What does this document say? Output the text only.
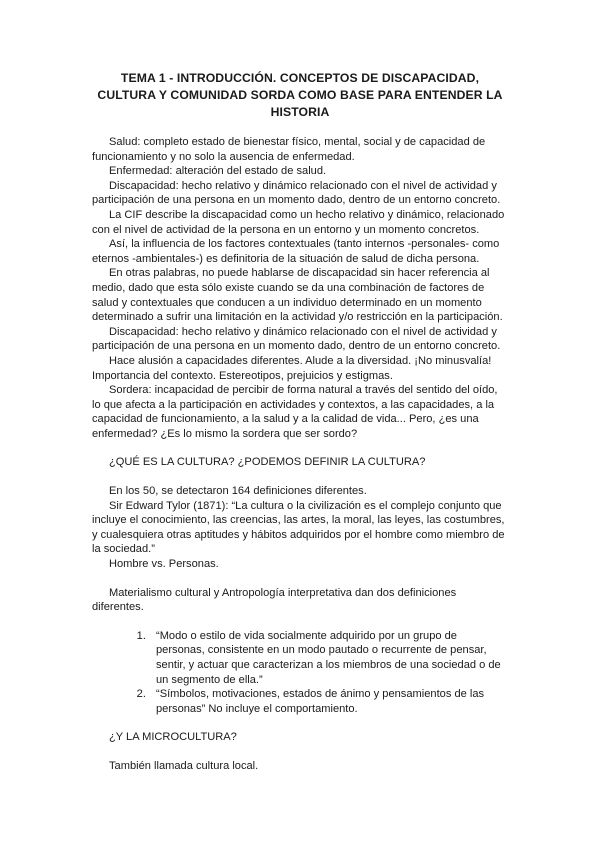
TEMA 1 - INTRODUCCIÓN. CONCEPTOS DE DISCAPACIDAD, CULTURA Y COMUNIDAD SORDA COMO BASE PARA ENTENDER LA HISTORIA

Salud: completo estado de bienestar físico, mental, social y de capacidad de funcionamiento y no solo la ausencia de enfermedad.

Enfermedad: alteración del estado de salud.

Discapacidad: hecho relativo y dinámico relacionado con el nivel de actividad y participación de una persona en un momento dado, dentro de un entorno concreto.

La CIF describe la discapacidad como un hecho relativo y dinámico, relacionado con el nivel de actividad de la persona en un entorno y un momento concretos.

Así, la influencia de los factores contextuales (tanto internos -personales- como eternos -ambientales-) es definitoria de la situación de salud de dicha persona.

En otras palabras, no puede hablarse de discapacidad sin hacer referencia al medio, dado que esta sólo existe cuando se da una combinación de factores de salud y contextuales que conducen a un individuo determinado en un momento determinado a sufrir una limitación en la actividad y/o restricción en la participación.

Discapacidad: hecho relativo y dinámico relacionado con el nivel de actividad y participación de una persona en un momento dado, dentro de un entorno concreto.

Hace alusión a capacidades diferentes. Alude a la diversidad. ¡No minusvalía! Importancia del contexto. Estereotipos, prejuicios y estigmas.

Sordera: incapacidad de percibir de forma natural a través del sentido del oído, lo que afecta a la participación en actividades y contextos, a las capacidades, a la capacidad de funcionamiento, a la salud y a la calidad de vida... Pero, ¿es una enfermedad? ¿Es lo mismo la sordera que ser sordo?

¿QUÉ ES LA CULTURA? ¿PODEMOS DEFINIR LA CULTURA?

En los 50, se detectaron 164 definiciones diferentes.

Sir Edward Tylor (1871): “La cultura o la civilización es el complejo conjunto que incluye el conocimiento, las creencias, las artes, la moral, las leyes, las costumbres, y cualesquiera otras aptitudes y hábitos adquiridos por el hombre como miembro de la sociedad.”

Hombre vs. Personas.

Materialismo cultural y Antropología interpretativa dan dos definiciones diferentes.

1. “Modo o estilo de vida socialmente adquirido por un grupo de personas, consistente en un modo pautado o recurrente de pensar, sentir, y actuar que caracterizan a los miembros de una sociedad o de un segmento de ella.”
2. “Símbolos, motivaciones, estados de ánimo y pensamientos de las personas” No incluye el comportamiento.

¿Y LA MICROCULTURA?

También llamada cultura local.
